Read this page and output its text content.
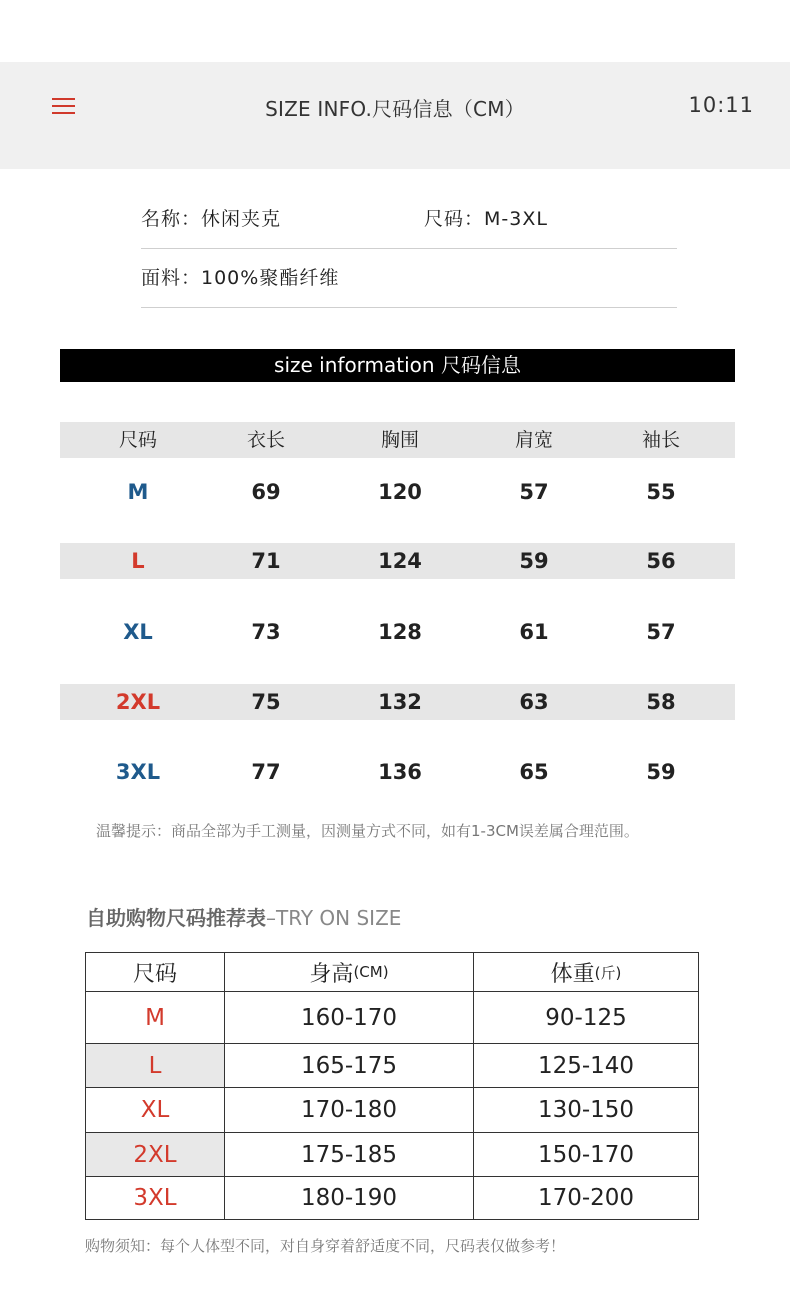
SIZE INFO.尺码信息（CM）	10:11
名称：休闲夹克	尺码：M-3XL
面料：100%聚酯纤维
size information 尺码信息
尺码	衣长	胸围	肩宽	袖长
M	69	120	57	55
L	71	124	59	56
XL	73	128	61	57
2XL	75	132	63	58
3XL	77	136	65	59
温馨提示：商品全部为手工测量，因测量方式不同，如有1-3CM误差属合理范围。
自助购物尺码推荐表–TRY ON SIZE
尺码	身高 (CM)	体重 (斤)
M	160-170	90-125
L	165-175	125-140
XL	170-180	130-150
2XL	175-185	150-170
3XL	180-190	170-200
购物须知：每个人体型不同，对自身穿着舒适度不同，尺码表仅做参考！
